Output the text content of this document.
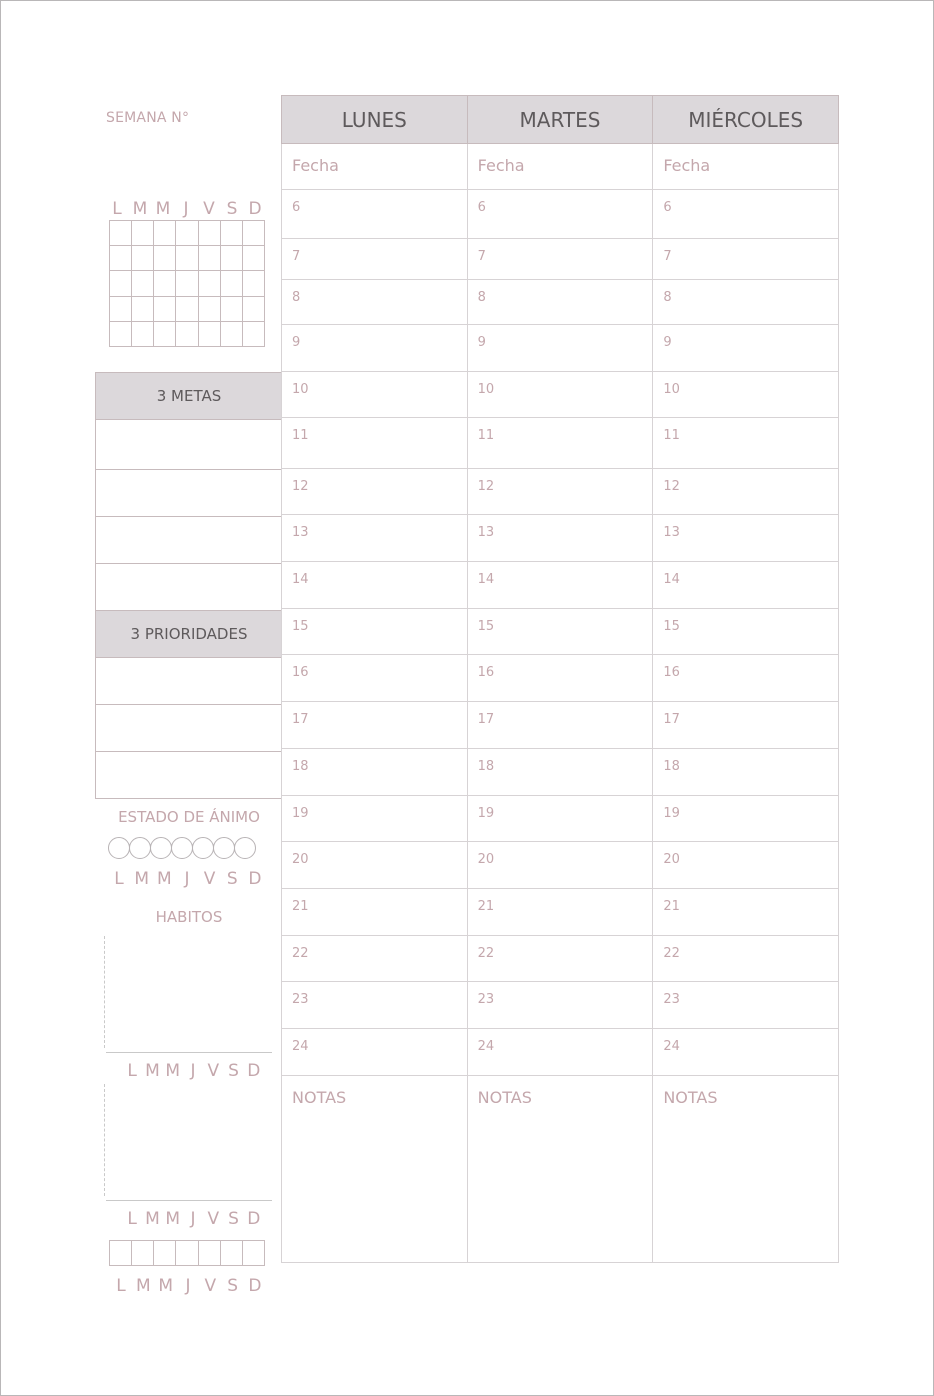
SEMANA N°
L M M J V S D
3 METAS
3 PRIORIDADES
ESTADO DE ÁNIMO
L M M J V S D
HABITOS
L M M J V S D
L M M J V S D
L M M J V S D
LUNES	MARTES	MIÉRCOLES

Fecha	Fecha	Fecha

6	6	6

7	7	7

8	8	8

9	9	9

10	10	10

11	11	11

12	12	12

13	13	13

14	14	14

15	15	15

16	16	16

17	17	17

18	18	18

19	19	19

20	20	20

21	21	21

22	22	22

23	23	23

24	24	24

NOTAS	NOTAS	NOTAS
